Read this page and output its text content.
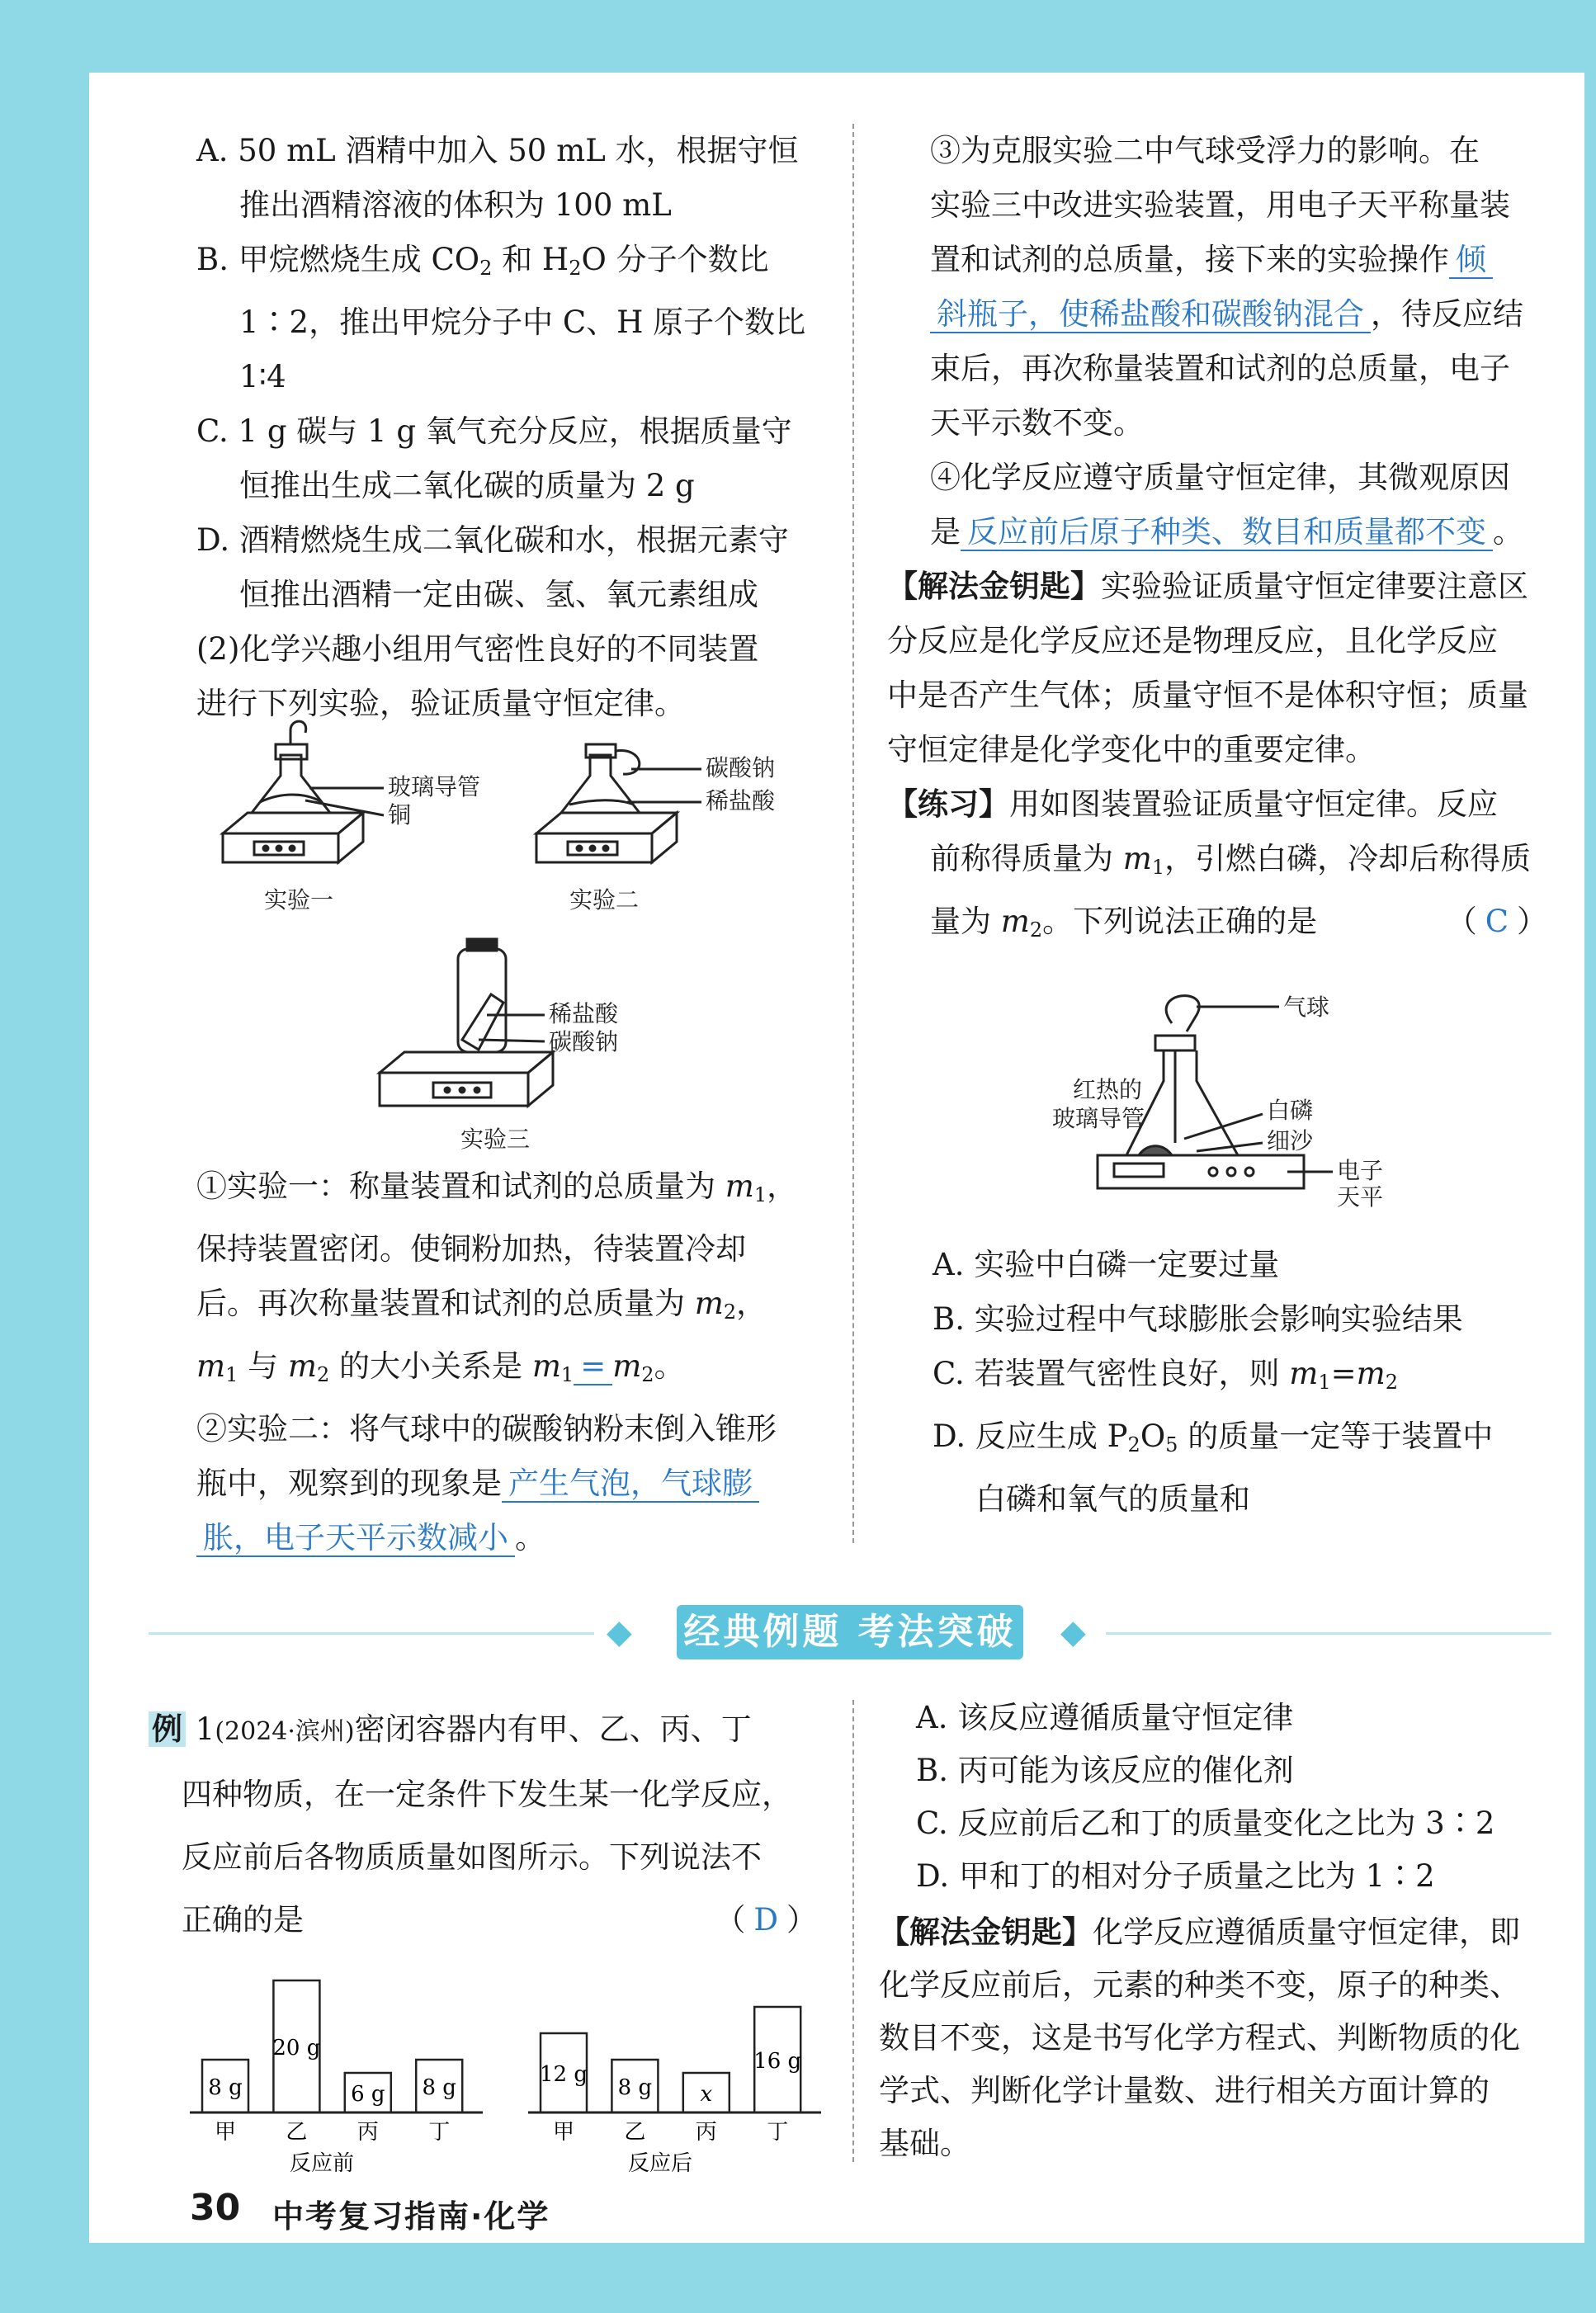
A. 50 mL 酒精中加入 50 mL 水，根据守恒

推出酒精溶液的体积为 100 mL

B. 甲烷燃烧生成 $CO_2$ 和 $H_2O$ 分子个数比

1∶2，推出甲烷分子中 C、H 原子个数比

1∶4

C. 1 g 碳与 1 g 氧气充分反应，根据质量守

恒推出生成二氧化碳的质量为 2 g

D. 酒精燃烧生成二氧化碳和水，根据元素守

恒推出酒精一定由碳、氢、氧元素组成

(2)化学兴趣小组用气密性良好的不同装置

进行下列实验，验证质量守恒定律。

玻璃导管
铜
实验一
碳酸钠
稀盐酸
实验二
稀盐酸
碳酸钠
实验三

①实验一：称量装置和试剂的总质量为 $m_1$，

保持装置密闭。使铜粉加热，待装置冷却

后。再次称量装置和试剂的总质量为 $m_2$，

$m_1$ 与 $m_2$ 的大小关系是 $m_1 = m_2$。

②实验二：将气球中的碳酸钠粉末倒入锥形

瓶中，观察到的现象是 产生气泡，气球膨

胀，电子天平示数减小 。

③为克服实验二中气球受浮力的影响。在

实验三中改进实验装置，用电子天平称量装

置和试剂的总质量，接下来的实验操作 倾

斜瓶子，使稀盐酸和碳酸钠混合 ，待反应结

束后，再次称量装置和试剂的总质量，电子

天平示数不变。

④化学反应遵守质量守恒定律，其微观原因

是 反应前后原子种类、数目和质量都不变 。

【解法金钥匙】实验验证质量守恒定律要注意区

分反应是化学反应还是物理反应，且化学反应

中是否产生气体；质量守恒不是体积守恒；质量

守恒定律是化学变化中的重要定律。

【练习】用如图装置验证质量守恒定律。反应

前称得质量为 $m_1$，引燃白磷，冷却后称得质

量为 $m_2$。下列说法正确的是	（ C ）

气球
红热的
玻璃导管	白磷
细沙
电子
天平

A. 实验中白磷一定要过量

B. 实验过程中气球膨胀会影响实验结果

C. 若装置气密性良好，则 $m_1=m_2$

D. 反应生成 $P_2O_5$ 的质量一定等于装置中

白磷和氧气的质量和

◆	◆
经典例题 考法突破

例 1(2024·滨州)密闭容器内有甲、乙、丙、丁

四种物质，在一定条件下发生某一化学反应，

反应前后各物质质量如图所示。下列说法不

正确的是	（ D ）

8 g
甲
20 g
乙
6 g
丙
8 g
丁
反应前
12 g
甲
8 g
乙
x
丙
16 g
丁
反应后

A. 该反应遵循质量守恒定律

B. 丙可能为该反应的催化剂

C. 反应前后乙和丁的质量变化之比为 3∶2

D. 甲和丁的相对分子质量之比为 1∶2

【解法金钥匙】化学反应遵循质量守恒定律，即

化学反应前后，元素的种类不变，原子的种类、

数目不变，这是书写化学方程式、判断物质的化

学式、判断化学计量数、进行相关方面计算的

基础。

30 中考复习指南·化学
